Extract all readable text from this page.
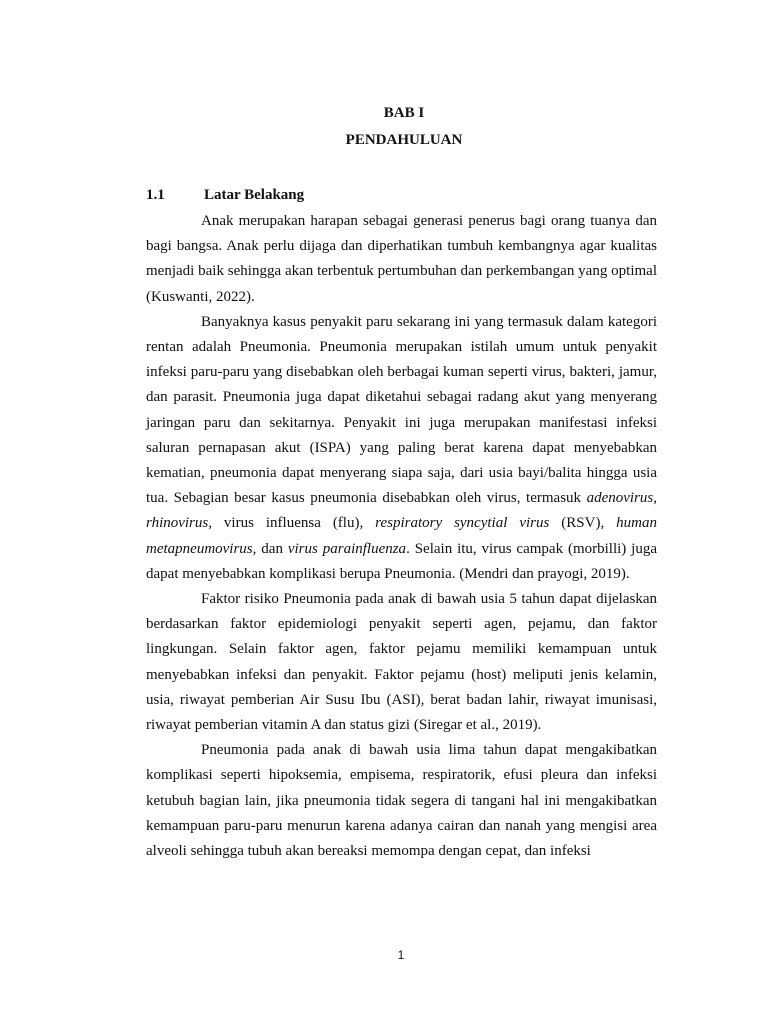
BAB I

PENDAHULUAN

1.1	Latar Belakang

Anak merupakan harapan sebagai generasi penerus bagi orang tuanya dan bagi bangsa. Anak perlu dijaga dan diperhatikan tumbuh kembangnya agar kualitas menjadi baik sehingga akan terbentuk pertumbuhan dan perkembangan yang optimal (Kuswanti, 2022).

Banyaknya kasus penyakit paru sekarang ini yang termasuk dalam kategori rentan adalah Pneumonia. Pneumonia merupakan istilah umum untuk penyakit infeksi paru-paru yang disebabkan oleh berbagai kuman seperti virus, bakteri, jamur, dan parasit. Pneumonia juga dapat diketahui sebagai radang akut yang menyerang jaringan paru dan sekitarnya. Penyakit ini juga merupakan manifestasi infeksi saluran pernapasan akut (ISPA) yang paling berat karena dapat menyebabkan kematian, pneumonia dapat menyerang siapa saja, dari usia bayi/balita hingga usia tua. Sebagian besar kasus pneumonia disebabkan oleh virus, termasuk adenovirus, rhinovirus, virus influensa (flu), respiratory syncytial virus (RSV), human metapneumovirus, dan virus parainfluenza. Selain itu, virus campak (morbilli) juga dapat menyebabkan komplikasi berupa Pneumonia. (Mendri dan prayogi, 2019).

Faktor risiko Pneumonia pada anak di bawah usia 5 tahun dapat dijelaskan berdasarkan faktor epidemiologi penyakit seperti agen, pejamu, dan faktor lingkungan. Selain faktor agen, faktor pejamu memiliki kemampuan untuk menyebabkan infeksi dan penyakit. Faktor pejamu (host) meliputi jenis kelamin, usia, riwayat pemberian Air Susu Ibu (ASI), berat badan lahir, riwayat imunisasi, riwayat pemberian vitamin A dan status gizi (Siregar et al., 2019).

Pneumonia pada anak di bawah usia lima tahun dapat mengakibatkan komplikasi seperti hipoksemia, empisema, respiratorik, efusi pleura dan infeksi ketubuh bagian lain, jika pneumonia tidak segera di tangani hal ini mengakibatkan kemampuan paru-paru menurun karena adanya cairan dan nanah yang mengisi area alveoli sehingga tubuh akan bereaksi memompa dengan cepat, dan infeksi

1
